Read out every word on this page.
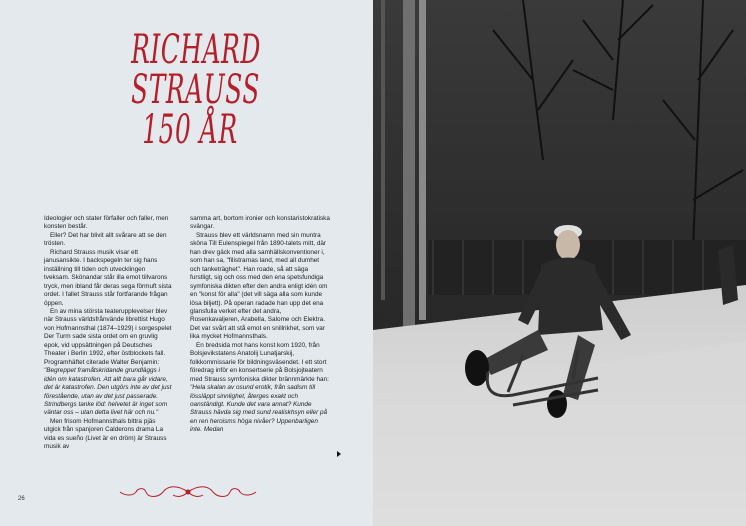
RICHARD
STRAUSS
150 ÅR

Ideologier och stater förfaller och faller, men konsten består.

Eller? Det har blivit allt svårare att se den trösten.

Richard Strauss musik visar ett janusansikte. I backspegeln ter sig hans inställning till tiden och utvecklingen tveksam. Skönandar står illa emot tillvarons tryck, men ibland får deras sega förmuft sista ordet. I fallet Strauss står fortfarande frågan öppen.

En av mina största teaterupplevelser blev när Strauss världsfrånvände librettist Hugo von Hofmannsthal (1874–1929) i sorgespelet Der Turm sade sista ordet om en gruvlig epok, vid uppsättningen på Deutsches Theater i Berlin 1992, efter östblockets fall. Programhäftet citerade Walter Benjamin:

"Begreppet framåtskridande grundläggs i idén om katastrofen. Att allt bara går vidare, det är katastrofen. Den utgörs inte av det just förestående, utan av det just passerade. Strindbergs tanke löd: helvetet är inget som väntar oss – utan detta livet här och nu."

Men frisom Hofmannsthals bittra pjäs utgick från spanjoren Calderons drama La vida es sueño (Livet är en dröm) är Strauss musik av

samma art, bortom ironier och konstaristokratiska svängar.

Strauss blev ett världsnamn med sin muntra sköna Till Eulenspiegel från 1890-talets mitt, där han drev gäck med alla samhällskonventioner i, som han sa, "filistrarnas land, med all dumhet och tanketräghet". Han roade, så att säga furstligt, sig och oss med den ena spetsfundiga symfoniska dikten efter den andra enligt idén om en "konst för alla" (det vill säga alla som kunde lösa biljett). På operan radade han upp det ena glansfulla verket efter det andra, Rosenkavaljeren, Arabella, Salome och Elektra. Det var svårt att stå emot en snillrikhet, som var lika mycket Hofmannsthals.

En bredsida mot hans konst kom 1920, från Bolsjevikstatens Anatolij Lunatjarskij, folkkommissarie för bildningsväsendet. I ett stort föredrag inför en konsertserie på Bolsjojteatern med Strauss symfoniska dikter brännmärkte han:

"Hela skalan av osund erotik, från sadism till lössläppt sinnlighet, återges exakt och oanständigt. Kunde det vara annat? Kunde Strauss hävda sig med sund realiskhsyn eller på en ren heroisms höga nivåer? Uppenbarligen inte. Medan

26
